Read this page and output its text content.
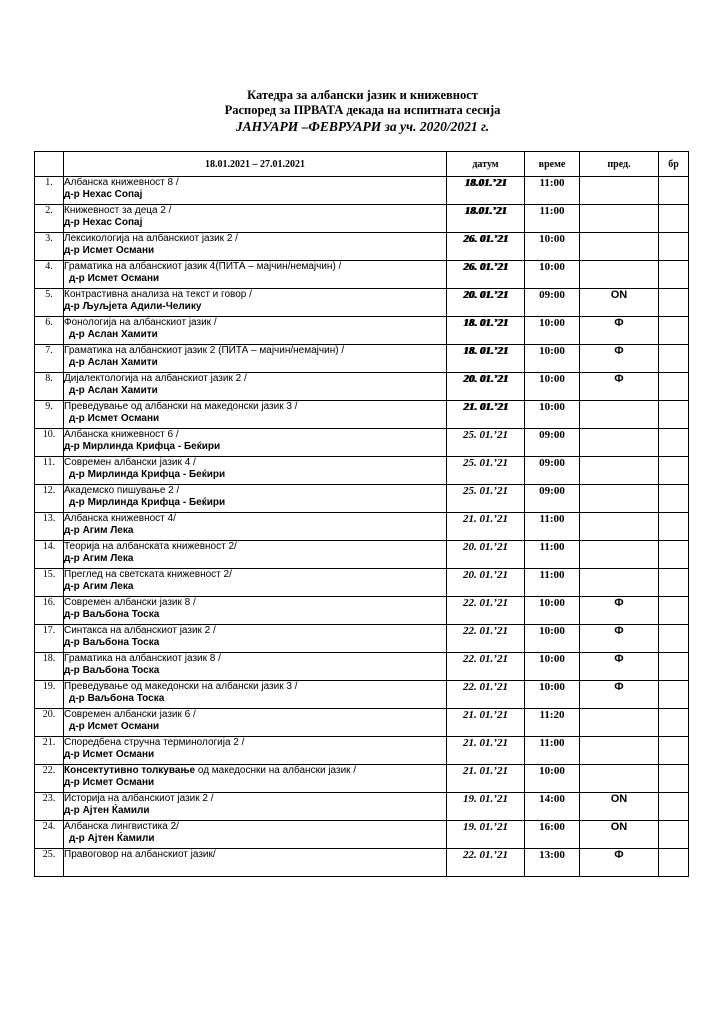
Катедра за албански јазик и книжевност
Распоред за ПРВАТА декада на испитната сесија
ЈАНУАРИ –ФЕВРУАРИ за уч. 2020/2021 г.
	18.01.2021 – 27.01.2021	датум	време	пред.	бр
1.	Албанска книжевност 8 /
д-р Нехас Сопај	18.01.’21	11:00		
2.	Книжевност за деца 2 /
д-р Нехас Сопај	18.01.’21	11:00		
3.	Лексикологија на албанскиот јазик 2 /
д-р Исмет Османи	26. 01.’21	10:00		
4.	Граматика на албанскиот јазик 4(ПИТА – мајчин/немајчин) /
д-р Исмет Османи	26. 01.’21	10:00		
5.	Контрастивна анализа на текст и говор /
д-р Љуљјета Адили-Челику	20. 01.’21	09:00	ON	
6.	Фонологија на албанскиот јазик /
д-р Аслан Хамити	18. 01.’21	10:00	Ф	
7.	Граматика на албанскиот јазик 2 (ПИТА – мајчин/немајчин) /
д-р Аслан Хамити	18. 01.’21	10:00	Ф	
8.	Дијалектологија на албанскиот јазик 2 /
д-р Аслан Хамити	20. 01.’21	10:00	Ф	
9.	Преведување од албански на македонски јазик 3 /
д-р Исмет Османи	21. 01.’21	10:00		
10.	Албанска книжевност 6 /
д-р Мирлинда Крифца - Беќири	25. 01.’21	09:00		
11.	Современ албански јазик 4 /
д-р Мирлинда Крифца - Беќири	25. 01.’21	09:00		
12.	Академско пишување 2 /
д-р Мирлинда Крифца - Беќири	25. 01.’21	09:00		
13.	Албанска книжевност 4/
д-р Агим Лека	21. 01.’21	11:00		
14.	Теорија на албанската книжевност 2/
д-р Агим Лека	20. 01.’21	11:00		
15.	Преглед на светската книжевност 2/
д-р Агим Лека	20. 01.’21	11:00		
16.	Современ албански јазик 8 /
д-р Ваљбона Тоска	22. 01.’21	10:00	Ф	
17.	Синтакса на албанскиот јазик 2 /
д-р Ваљбона Тоска	22. 01.’21	10:00	Ф	
18.	Граматика на албанскиот јазик 8 /
д-р Ваљбона Тоска	22. 01.’21	10:00	Ф	
19.	Преведување од македонски на албански јазик 3 /
д-р Ваљбона Тоска	22. 01.’21	10:00	Ф	
20.	Современ албански јазик 6 /
д-р Исмет Османи	21. 01.’21	11:20		
21.	Споредбена стручна терминологија 2 /
д-р Исмет Османи	21. 01.’21	11:00		
22.	Консектутивно толкување од македоснки на албански јазик /
д-р Исмет Османи	21. 01.’21	10:00		
23.	Историја на албанскиот јазик 2 /
д-р Ајтен Ќамили	19. 01.’21	14:00	ON	
24.	Албанска лингвистика 2/
д-р Ајтен Ќамили	19. 01.’21	16:00	ON	
25.	Правоговор на албанскиот јазик/	22. 01.’21	13:00	Ф	
